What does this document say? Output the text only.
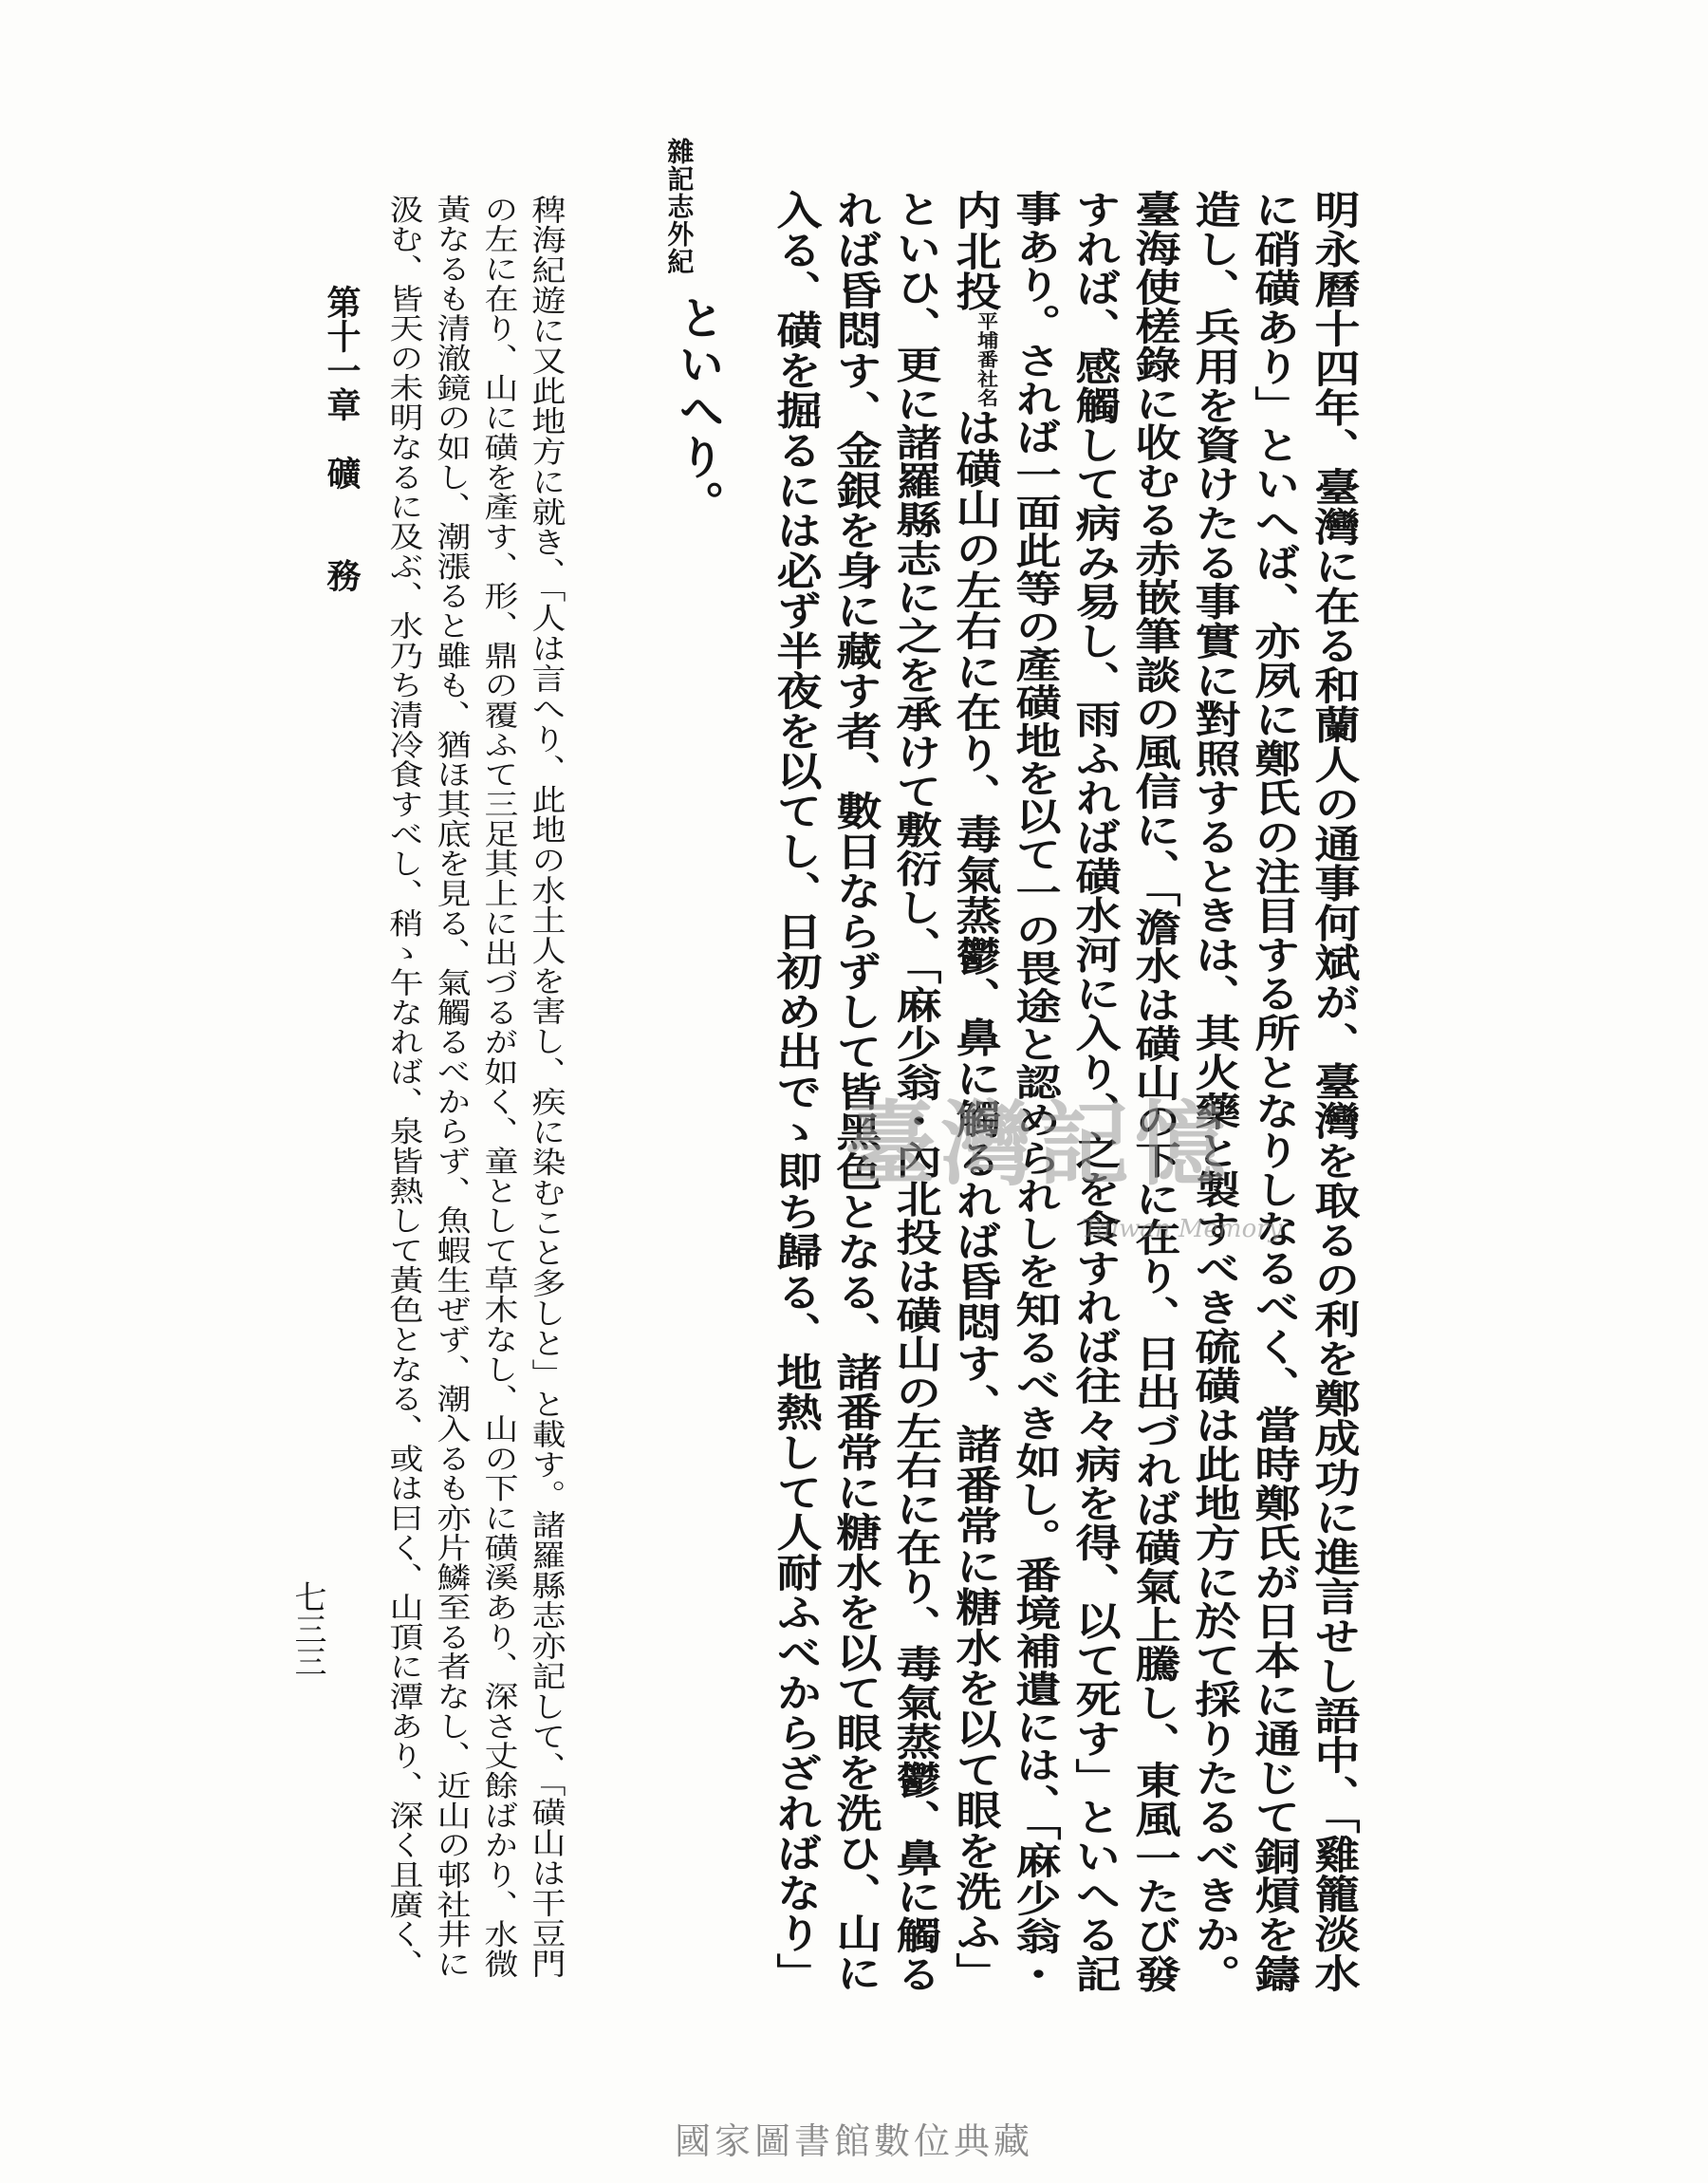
明永曆十四年、臺灣に在る和蘭人の通事何斌が、臺灣を取るの利を鄭成功に進言せし語中、「雞籠淡水
に硝磺あり」といへば、亦夙に鄭氏の注目する所となりしなるべく、當時鄭氏が日本に通じて銅熕を鑄
造し、兵用を資けたる事實に對照するときは、其火藥と製すべき硫磺は此地方に於て採りたるべきか。
臺海使槎錄に收むる赤嵌筆談の風信に、「澹水は磺山の下に在り、日出づれば磺氣上騰し、東風一たび發
すれば、感觸して病み易し、雨ふれば磺水河に入り、之を食すれば往々病を得、以て死す」といへる記
事あり。されば一面此等の產磺地を以て一の畏途と認められしを知るべき如し。番境補遺には、「麻少翁・
内北投平埔番社名は磺山の左右に在り、毒氣蒸鬱、鼻に觸るれば昏悶す、諸番常に糖水を以て眼を洗ふ」
といひ、更に諸羅縣志に之を承けて敷衍し、「麻少翁・內北投は磺山の左右に在り、毒氣蒸鬱、鼻に觸る
れば昏悶す、金銀を身に藏す者、數日ならずして皆黑色となる、諸番常に糖水を以て眼を洗ひ、山に
入る、磺を掘るには必ず半夜を以てし、日初め出でゝ即ち歸る、地熱して人耐ふべからざればなり」
雜記志外紀
といへり。
稗海紀遊に又此地方に就き、「人は言へり、此地の水土人を害し、疾に染むこと多しと」と載す。諸羅縣志亦記して、「磺山は干豆門
の左に在り、山に磺を產す、形、鼎の覆ふて三足其上に出づるが如く、童として草木なし、山の下に磺溪あり、深さ丈餘ばかり、水微
黃なるも清澈鏡の如し、潮漲ると雖も、猶ほ其底を見る、氣觸るべからず、魚蝦生ぜず、潮入るも亦片鱗至る者なし、近山の邨社井に
汲む、皆天の未明なるに及ぶ、水乃ち清冷食すべし、稍ゝ午なれば、泉皆熱して黃色となる、或は曰く、山頂に潭あり、深く且廣く、
第十一章　礦　　務
七三三
臺灣記憶
Taiwan Memory
國家圖書館數位典藏
